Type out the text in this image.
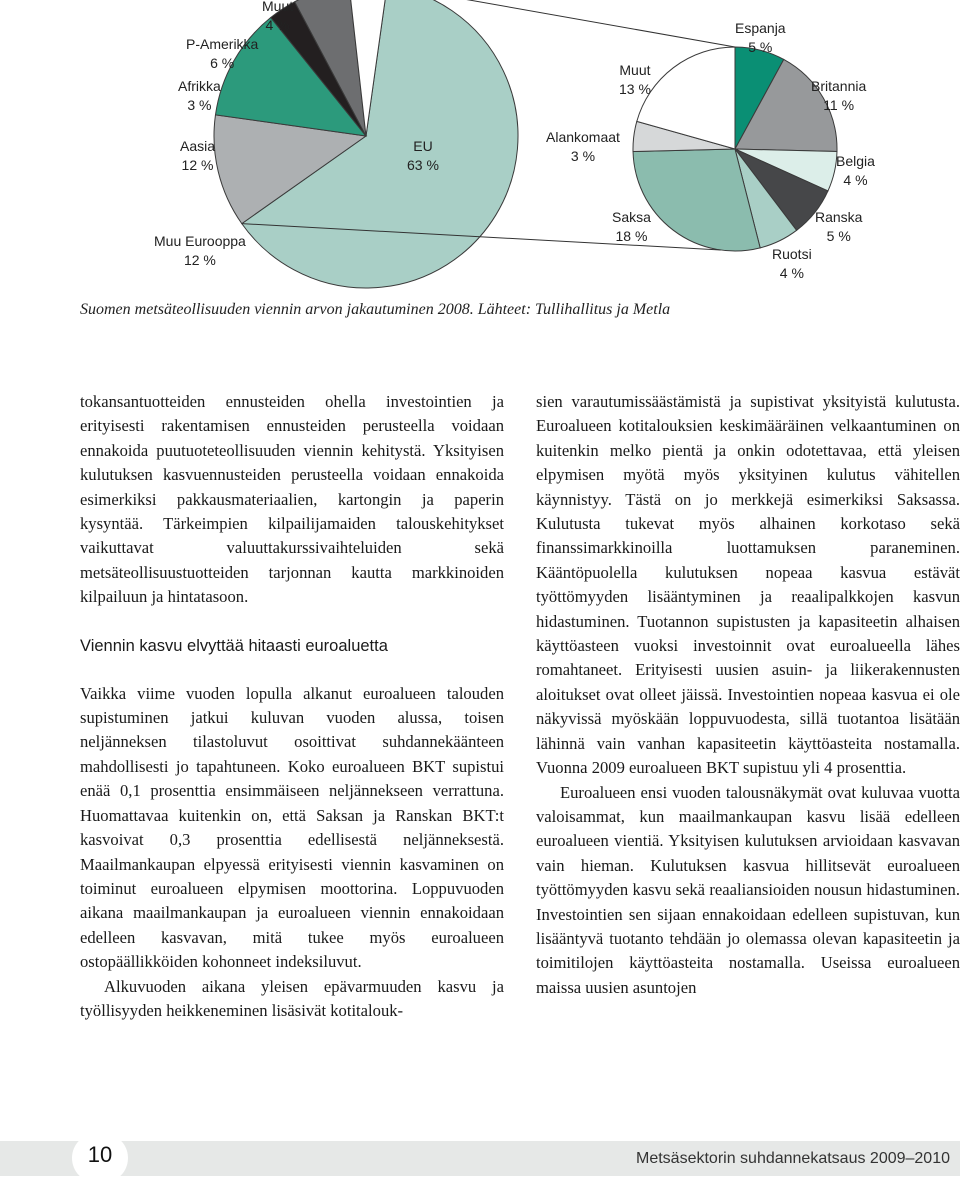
Muut
4 %
P-Amerikka
6 %
Afrikka
3 %
Aasia
12 %
Muu Eurooppa
12 %
EU
63 %
Muut
13 %
Espanja
5 %
Britannia
11 %
Belgia
4 %
Ranska
5 %
Ruotsi
4 %
Saksa
18 %
Alankomaat
3 %
Suomen metsäteollisuuden viennin arvon jakautuminen 2008. Lähteet: Tullihallitus ja Metla

tokansantuotteiden ennusteiden ohella investointien ja erityisesti rakentamisen ennusteiden perusteella voidaan ennakoida puutuoteteollisuuden viennin kehitystä. Yksityisen kulutuksen kasvuennusteiden perusteella voidaan ennakoida esimerkiksi pakkausmateriaalien, kartongin ja paperin kysyntää. Tärkeimpien kilpailijamaiden talouskehitykset vaikuttavat valuuttakurssivaihteluiden sekä metsäteollisuustuotteiden tarjonnan kautta markkinoiden kilpailuun ja hintatasoon.

Viennin kasvu elvyttää hitaasti euroaluetta

Vaikka viime vuoden lopulla alkanut euroalueen talouden supistuminen jatkui kuluvan vuoden alussa, toisen neljänneksen tilastoluvut osoittivat suhdannekäänteen mahdollisesti jo tapahtuneen. Koko euroalueen BKT supistui enää 0,1 prosenttia ensimmäiseen neljännekseen verrattuna. Huomattavaa kuitenkin on, että Saksan ja Ranskan BKT:t kasvoivat 0,3 prosenttia edellisestä neljänneksestä. Maailmankaupan elpyessä erityisesti viennin kasvaminen on toiminut euroalueen elpymisen moottorina. Loppuvuoden aikana maailmankaupan ja euroalueen viennin ennakoidaan edelleen kasvavan, mitä tukee myös euroalueen ostopäällikköiden kohonneet indeksiluvut.

Alkuvuoden aikana yleisen epävarmuuden kasvu ja työllisyyden heikkeneminen lisäsivät kotitalouk-

sien varautumissäästämistä ja supistivat yksityistä kulutusta. Euroalueen kotitalouksien keskimääräinen velkaantuminen on kuitenkin melko pientä ja onkin odotettavaa, että yleisen elpymisen myötä myös yksityinen kulutus vähitellen käynnistyy. Tästä on jo merkkejä esimerkiksi Saksassa. Kulutusta tukevat myös alhainen korkotaso sekä finanssimarkkinoilla luottamuksen paraneminen. Kääntöpuolella kulutuksen nopeaa kasvua estävät työttömyyden lisääntyminen ja reaalipalkkojen kasvun hidastuminen. Tuotannon supistusten ja kapasiteetin alhaisen käyttöasteen vuoksi investoinnit ovat euroalueella lähes romahtaneet. Erityisesti uusien asuin- ja liikerakennusten aloitukset ovat olleet jäissä. Investointien nopeaa kasvua ei ole näkyvissä myöskään loppuvuodesta, sillä tuotantoa lisätään lähinnä vain vanhan kapasiteetin käyttöasteita nostamalla. Vuonna 2009 euroalueen BKT supistuu yli 4 prosenttia.

Euroalueen ensi vuoden talousnäkymät ovat kuluvaa vuotta valoisammat, kun maailmankaupan kasvu lisää edelleen euroalueen vientiä. Yksityisen kulutuksen arvioidaan kasvavan vain hieman. Kulutuksen kasvua hillitsevät euroalueen työttömyyden kasvu sekä reaaliansioiden nousun hidastuminen. Investointien sen sijaan ennakoidaan edelleen supistuvan, kun lisääntyvä tuotanto tehdään jo olemassa olevan kapasiteetin ja toimitilojen käyttöasteita nostamalla. Useissa euroalueen maissa uusien asuntojen

10	Metsäsektorin suhdannekatsaus 2009–2010
